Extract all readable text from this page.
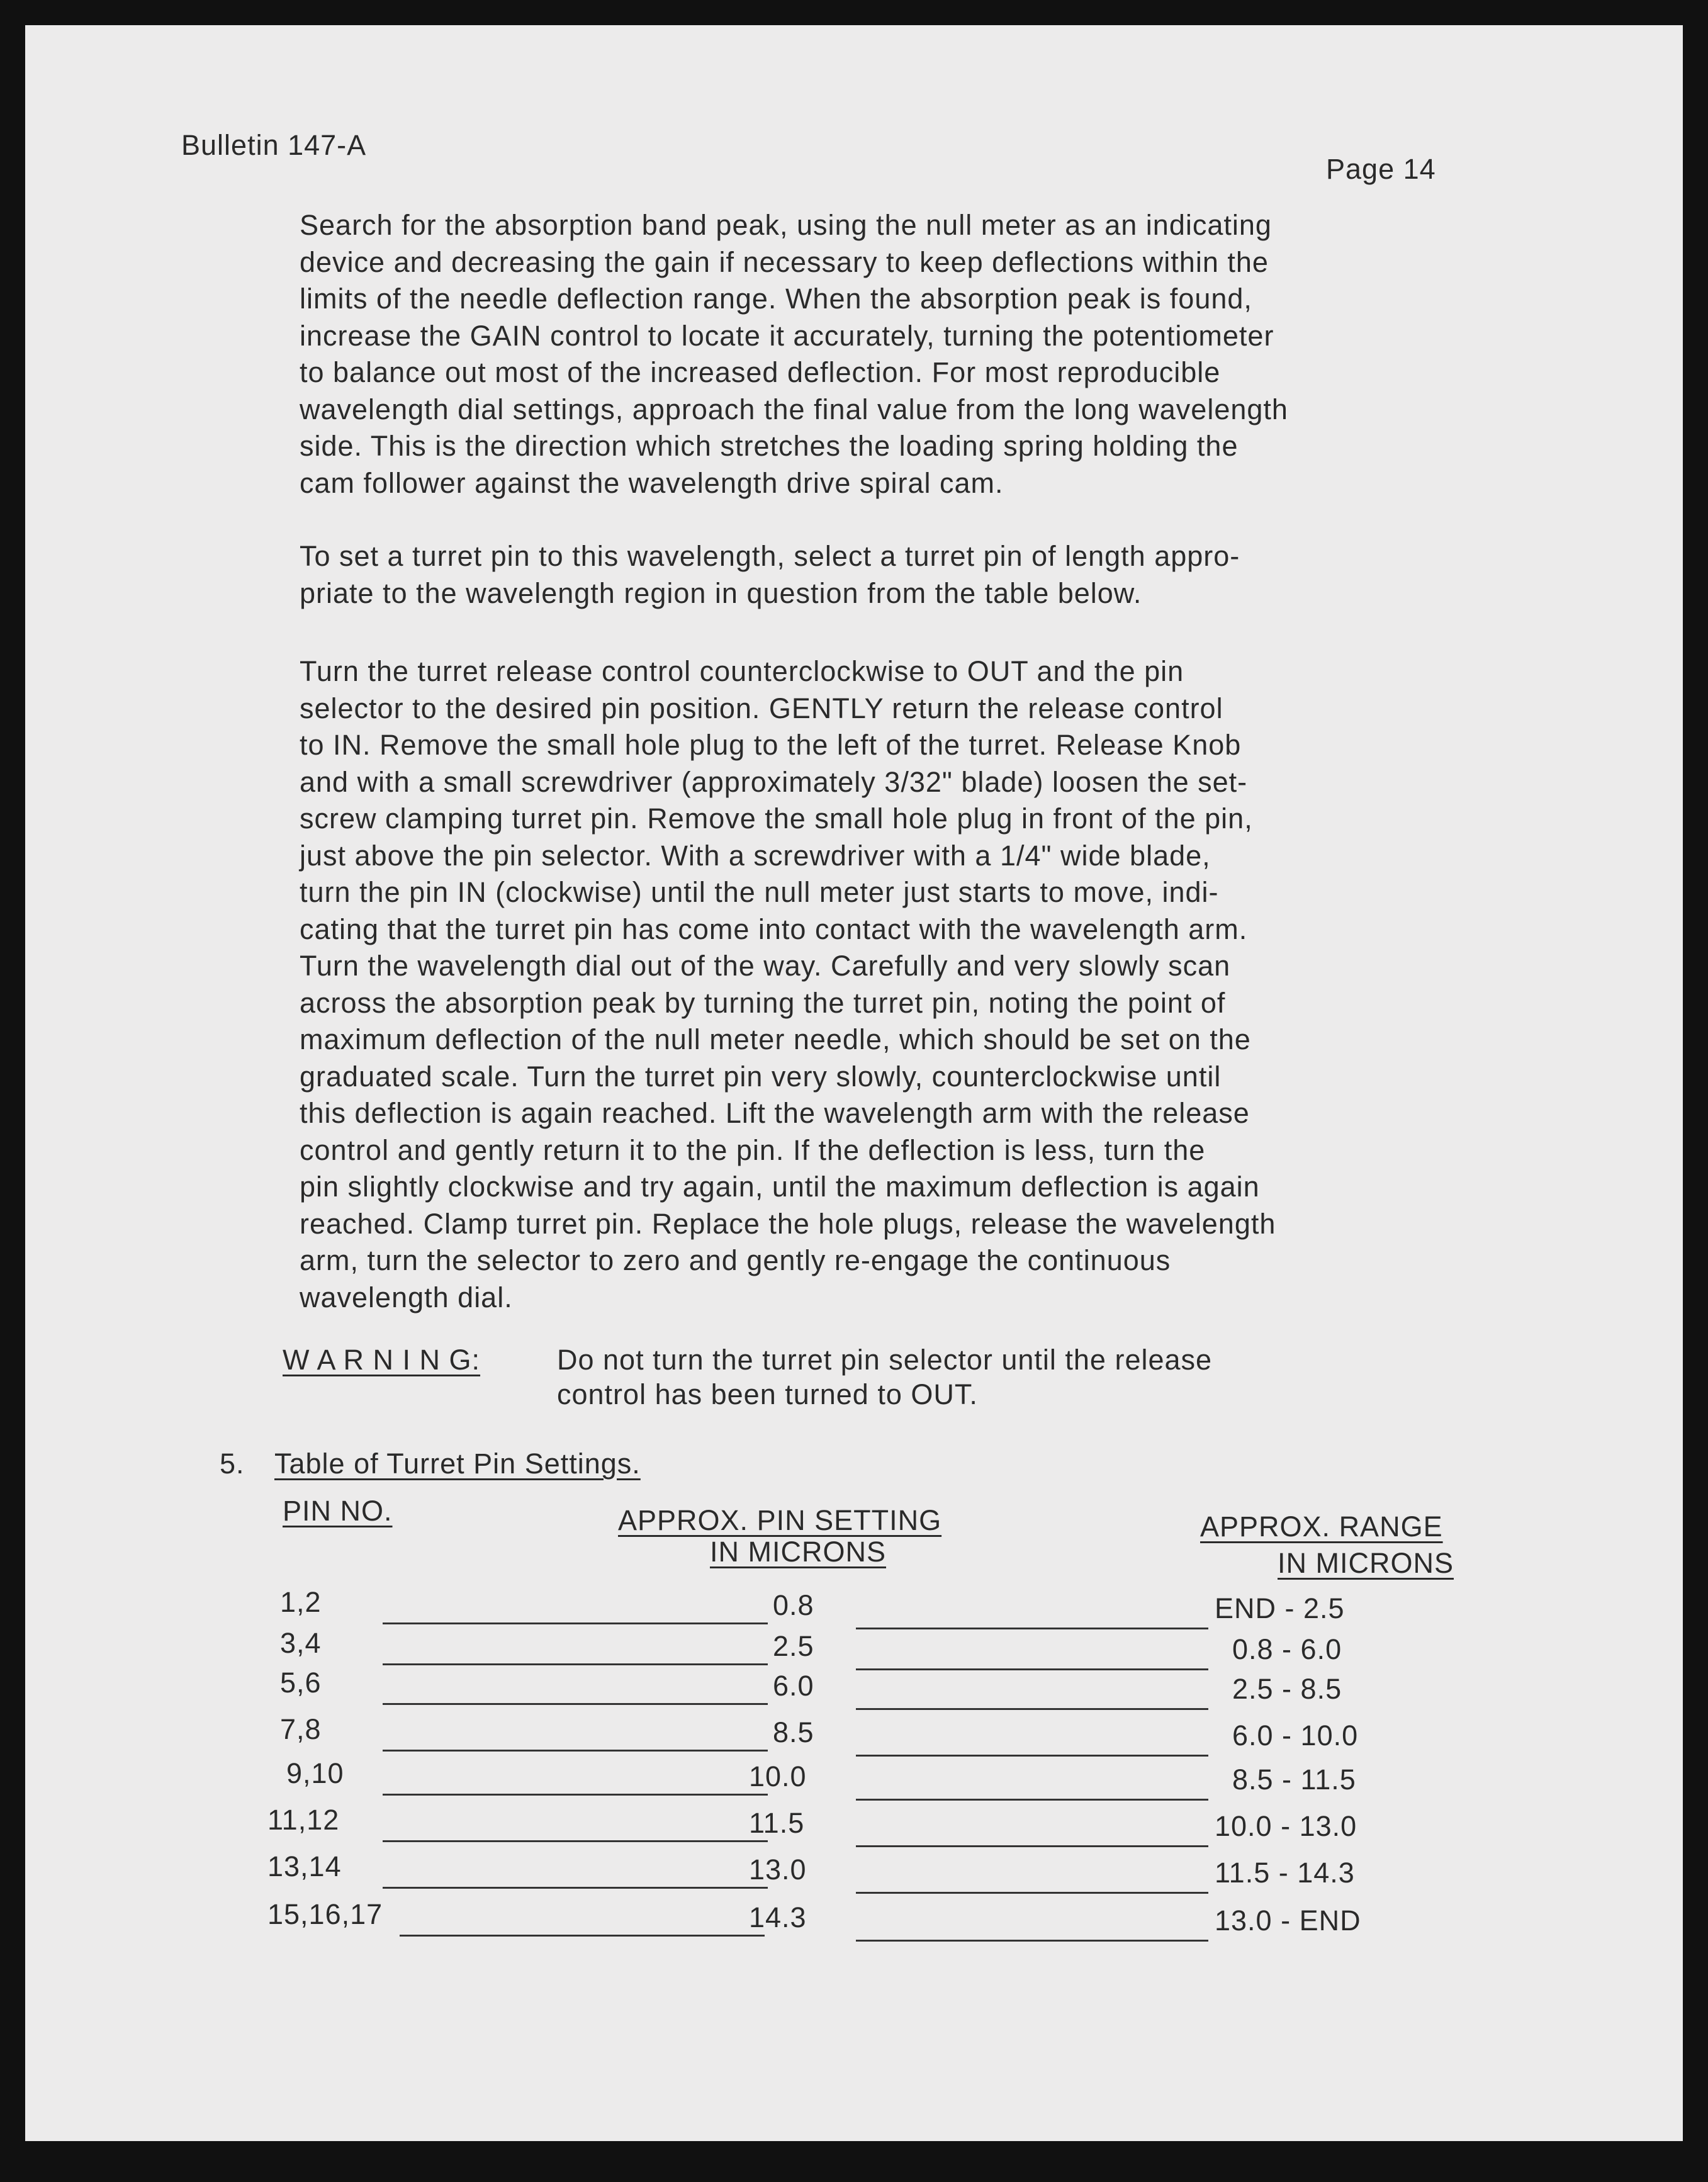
Bulletin 147-A
Page 14
Search for the absorption band peak, using the null meter as an indicating
device and decreasing the gain if necessary to keep deflections within the
limits of the needle deflection range. When the absorption peak is found,
increase the GAIN control to locate it accurately, turning the potentiometer
to balance out most of the increased deflection. For most reproducible
wavelength dial settings, approach the final value from the long wavelength
side. This is the direction which stretches the loading spring holding the
cam follower against the wavelength drive spiral cam.
To set a turret pin to this wavelength, select a turret pin of length appro-
priate to the wavelength region in question from the table below.
Turn the turret release control counterclockwise to OUT and the pin
selector to the desired pin position. GENTLY return the release control
to IN. Remove the small hole plug to the left of the turret. Release Knob
and with a small screwdriver (approximately 3/32" blade) loosen the set-
screw clamping turret pin. Remove the small hole plug in front of the pin,
just above the pin selector. With a screwdriver with a 1/4" wide blade,
turn the pin IN (clockwise) until the null meter just starts to move, indi-
cating that the turret pin has come into contact with the wavelength arm.
Turn the wavelength dial out of the way. Carefully and very slowly scan
across the absorption peak by turning the turret pin, noting the point of
maximum deflection of the null meter needle, which should be set on the
graduated scale. Turn the turret pin very slowly, counterclockwise until
this deflection is again reached. Lift the wavelength arm with the release
control and gently return it to the pin. If the deflection is less, turn the
pin slightly clockwise and try again, until the maximum deflection is again
reached. Clamp turret pin. Replace the hole plugs, release the wavelength
arm, turn the selector to zero and gently re-engage the continuous
wavelength dial.
W A R N I N G:	Do not turn the turret pin selector until the release
control has been turned to OUT.
5. Table of Turret Pin Settings.
PIN NO.	APPROX. PIN SETTING
IN MICRONS
APPROX. RANGE
IN MICRONS
1,2	0.8	END - 2.5
3,4	2.5	0.8 - 6.0
5,6	6.0	2.5 - 8.5
7,8	8.5	6.0 - 10.0
9,10	10.0	8.5 - 11.5
11,12	11.5	10.0 - 13.0
13,14	13.0	11.5 - 14.3
15,16,17	14.3	13.0 - END
